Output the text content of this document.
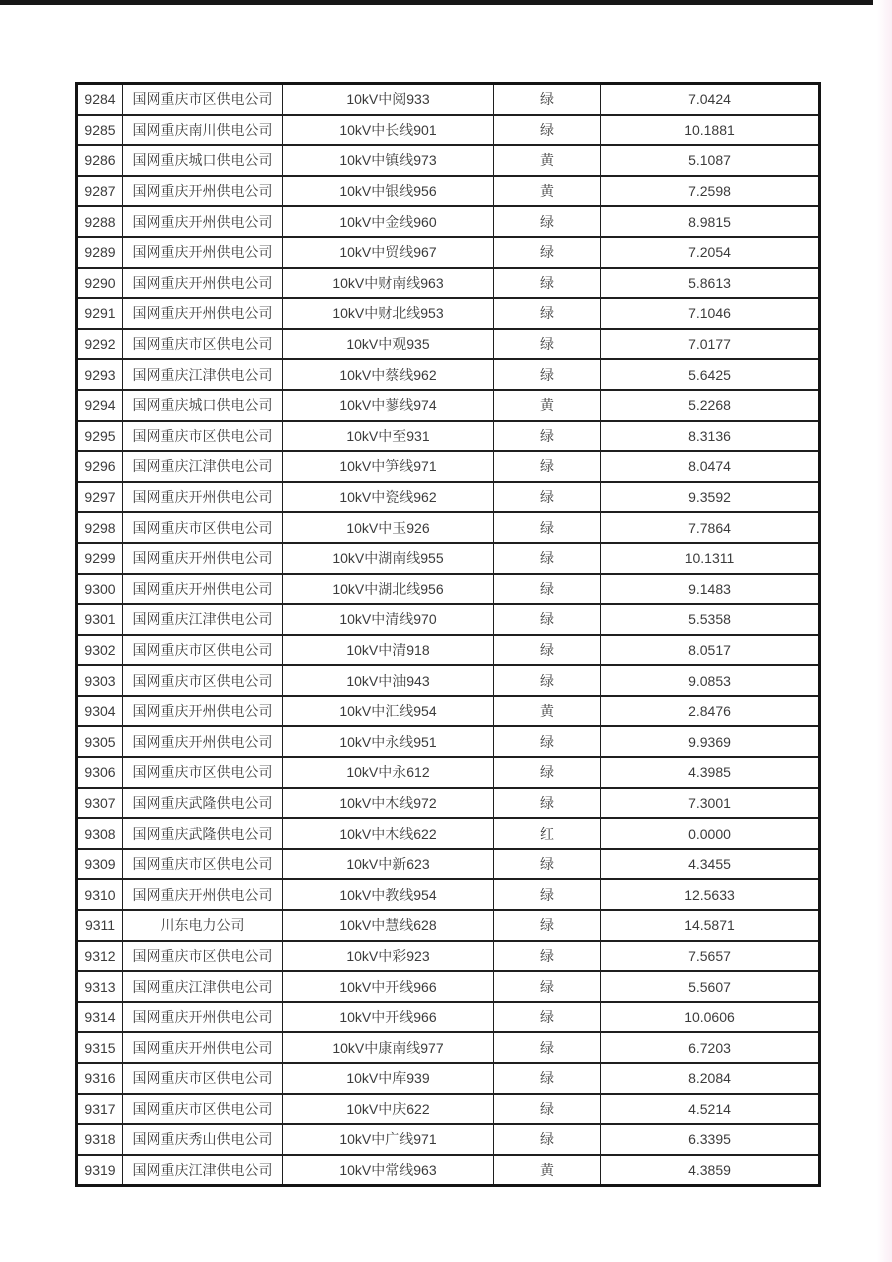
9284	国网重庆市区供电公司	10kV中阅933	绿	7.0424
9285	国网重庆南川供电公司	10kV中长线901	绿	10.1881
9286	国网重庆城口供电公司	10kV中镇线973	黄	5.1087
9287	国网重庆开州供电公司	10kV中银线956	黄	7.2598
9288	国网重庆开州供电公司	10kV中金线960	绿	8.9815
9289	国网重庆开州供电公司	10kV中贸线967	绿	7.2054
9290	国网重庆开州供电公司	10kV中财南线963	绿	5.8613
9291	国网重庆开州供电公司	10kV中财北线953	绿	7.1046
9292	国网重庆市区供电公司	10kV中观935	绿	7.0177
9293	国网重庆江津供电公司	10kV中蔡线962	绿	5.6425
9294	国网重庆城口供电公司	10kV中蓼线974	黄	5.2268
9295	国网重庆市区供电公司	10kV中至931	绿	8.3136
9296	国网重庆江津供电公司	10kV中笋线971	绿	8.0474
9297	国网重庆开州供电公司	10kV中瓷线962	绿	9.3592
9298	国网重庆市区供电公司	10kV中玉926	绿	7.7864
9299	国网重庆开州供电公司	10kV中湖南线955	绿	10.1311
9300	国网重庆开州供电公司	10kV中湖北线956	绿	9.1483
9301	国网重庆江津供电公司	10kV中清线970	绿	5.5358
9302	国网重庆市区供电公司	10kV中清918	绿	8.0517
9303	国网重庆市区供电公司	10kV中油943	绿	9.0853
9304	国网重庆开州供电公司	10kV中汇线954	黄	2.8476
9305	国网重庆开州供电公司	10kV中永线951	绿	9.9369
9306	国网重庆市区供电公司	10kV中永612	绿	4.3985
9307	国网重庆武隆供电公司	10kV中木线972	绿	7.3001
9308	国网重庆武隆供电公司	10kV中木线622	红	0.0000
9309	国网重庆市区供电公司	10kV中新623	绿	4.3455
9310	国网重庆开州供电公司	10kV中教线954	绿	12.5633
9311	川东电力公司	10kV中慧线628	绿	14.5871
9312	国网重庆市区供电公司	10kV中彩923	绿	7.5657
9313	国网重庆江津供电公司	10kV中开线966	绿	5.5607
9314	国网重庆开州供电公司	10kV中开线966	绿	10.0606
9315	国网重庆开州供电公司	10kV中康南线977	绿	6.7203
9316	国网重庆市区供电公司	10kV中库939	绿	8.2084
9317	国网重庆市区供电公司	10kV中庆622	绿	4.5214
9318	国网重庆秀山供电公司	10kV中广线971	绿	6.3395
9319	国网重庆江津供电公司	10kV中常线963	黄	4.3859
